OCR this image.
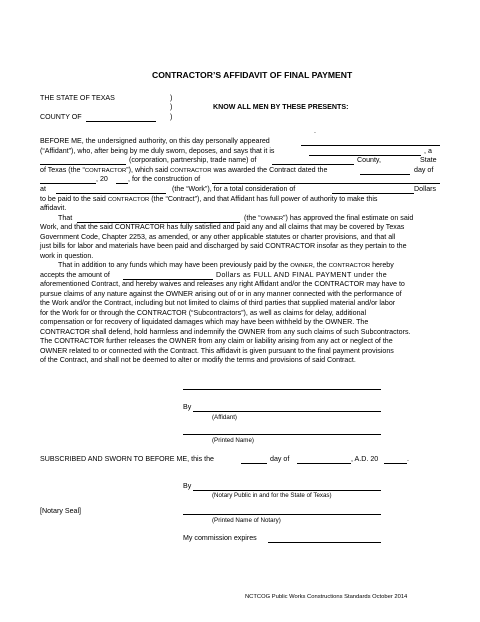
CONTRACTOR’S AFFIDAVIT OF FINAL PAYMENT
THE STATE OF TEXAS	)
)	KNOW ALL MEN BY THESE PRESENTS:
COUNTY OF	)
.
BEFORE ME, the undersigned authority, on this day personally appeared
(“Affidant”), who, after being by me duly sworn, deposes, and says that it is	, a
(corporation, partnership, trade name) of	County,	State
of Texas (the “CONTRACTOR”), which said CONTRACTOR was awarded the Contract dated the	day of
, 20	, for the construction of
at	(the “Work”), for a total consideration of	Dollars
to be paid to the said CONTRACTOR (the “Contract”), and that Affidant has full power of authority to make this
affidavit.
That	(the “OWNER”) has approved the final estimate on said
Work, and that the said CONTRACTOR has fully satisfied and paid any and all claims that may be covered by Texas
Government Code, Chapter 2253, as amended, or any other applicable statutes or charter provisions, and that all
just bills for labor and materials have been paid and discharged by said CONTRACTOR insofar as they pertain to the
work in question.
That in addition to any funds which may have been previously paid by the OWNER, the CONTRACTOR hereby
accepts the amount of	Dollars as FULL AND FINAL PAYMENT under the
aforementioned Contract, and hereby waives and releases any right Affidant and/or the CONTRACTOR may have to
pursue claims of any nature against the OWNER arising out of or in any manner connected with the performance of
the Work and/or the Contract, including but not limited to claims of third parties that supplied material and/or labor
for the Work for or through the CONTRACTOR (“Subcontractors”), as well as claims for delay, additional
compensation or for recovery of liquidated damages which may have been withheld by the OWNER. The
CONTRACTOR shall defend, hold harmless and indemnify the OWNER from any such claims of such Subcontractors.
The CONTRACTOR further releases the OWNER from any claim or liability arising from any act or neglect of the
OWNER related to or connected with the Contract. This affidavit is given pursuant to the final payment provisions
of the Contract, and shall not be deemed to alter or modify the terms and provisions of said Contract.
By
(Affidant)
(Printed Name)
SUBSCRIBED AND SWORN TO BEFORE ME, this the	day of	, A.D. 20	.
By
(Notary Public in and for the State of Texas)
[Notary Seal]
(Printed Name of Notary)
My commission expires
NCTCOG Public Works Constructions Standards October 2014
